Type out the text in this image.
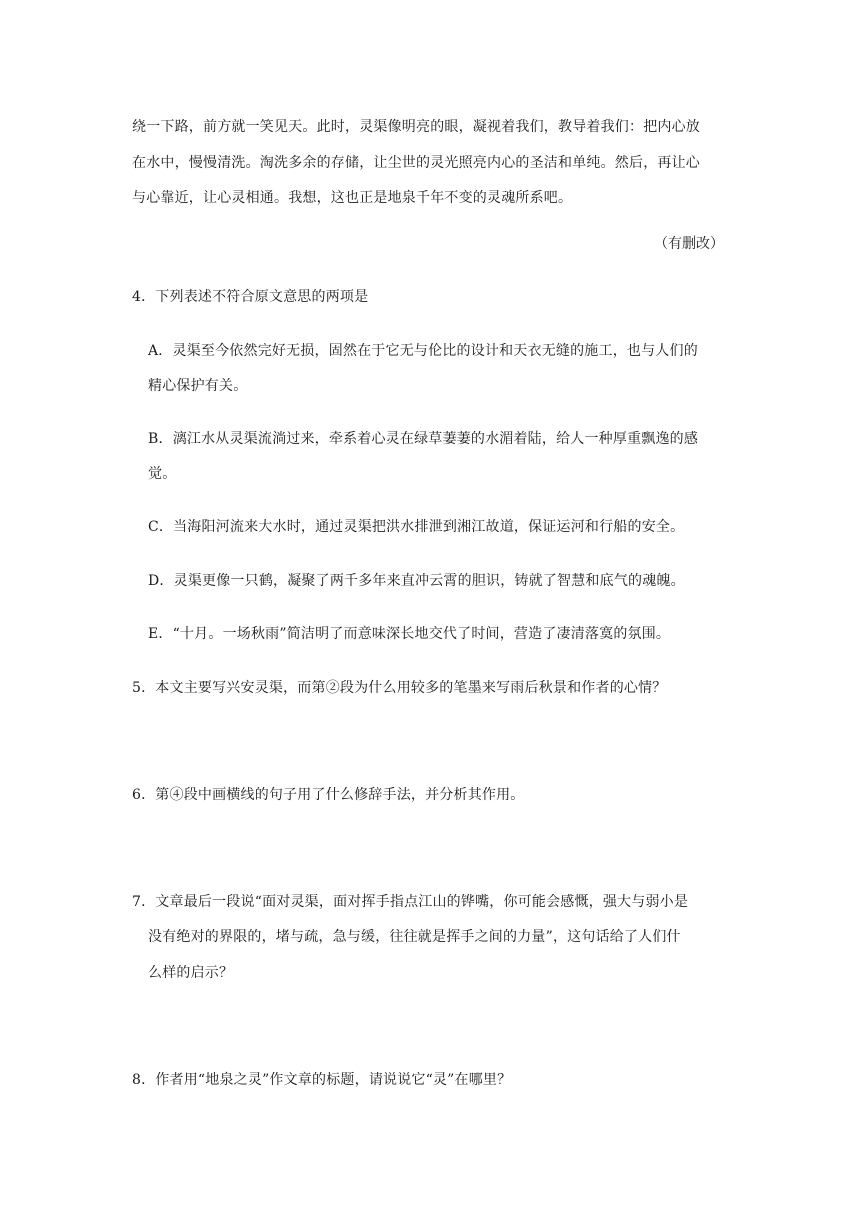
绕一下路，前方就一笑见天。此时，灵渠像明亮的眼，凝视着我们，教导着我们：把内心放
在水中，慢慢清洗。淘洗多余的存储，让尘世的灵光照亮内心的圣洁和单纯。然后，再让心
与心靠近，让心灵相通。我想，这也正是地泉千年不变的灵魂所系吧。
（有删改）
4．下列表述不符合原文意思的两项是
A．灵渠至今依然完好无损，固然在于它无与伦比的设计和天衣无缝的施工，也与人们的
精心保护有关。
B．漓江水从灵渠流淌过来，牵系着心灵在绿草萋萋的水湄着陆，给人一种厚重飘逸的感
觉。
C．当海阳河流来大水时，通过灵渠把洪水排泄到湘江故道，保证运河和行船的安全。
D．灵渠更像一只鹤，凝聚了两千多年来直冲云霄的胆识，铸就了智慧和底气的魂魄。
E．“十月。一场秋雨”简洁明了而意味深长地交代了时间，营造了凄清落寞的氛围。
5．本文主要写兴安灵渠，而第②段为什么用较多的笔墨来写雨后秋景和作者的心情？
6．第④段中画横线的句子用了什么修辞手法，并分析其作用。
7．文章最后一段说“面对灵渠，面对挥手指点江山的铧嘴，你可能会感慨，强大与弱小是
没有绝对的界限的，堵与疏，急与缓，往往就是挥手之间的力量”，这句话给了人们什
么样的启示？
8．作者用“地泉之灵”作文章的标题，请说说它“灵”在哪里？
